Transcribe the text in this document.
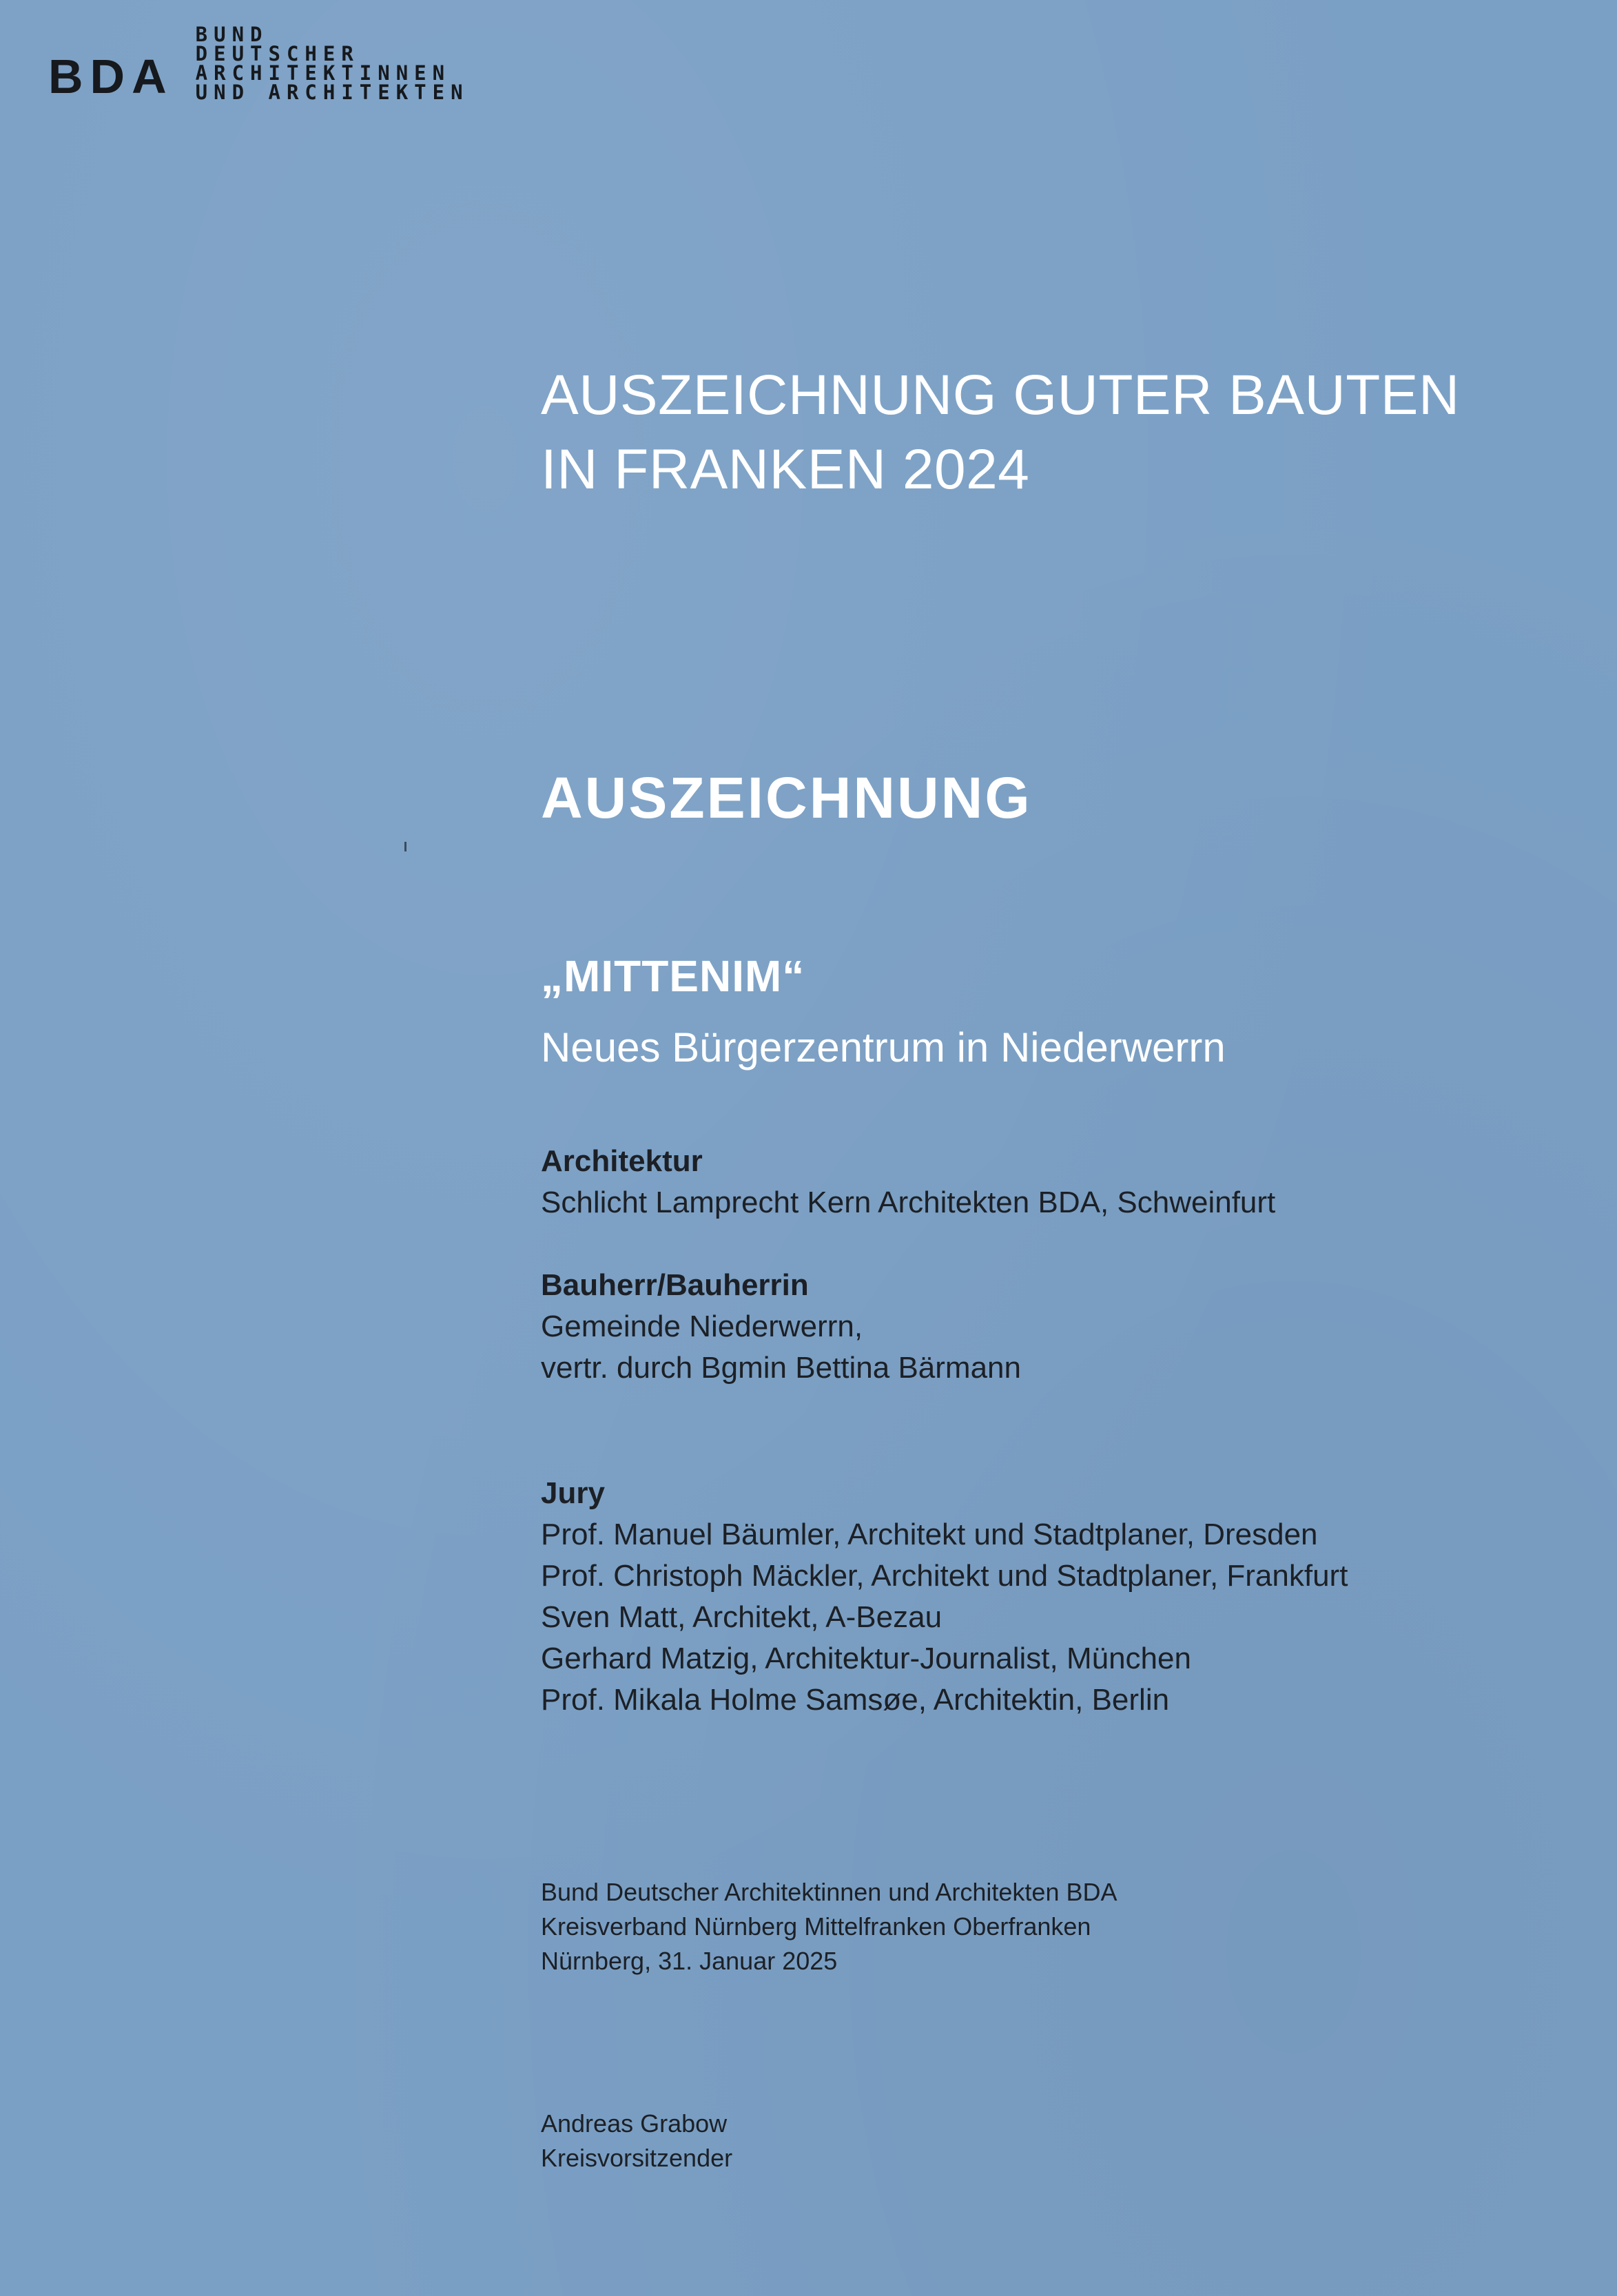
BDA
BUND
DEUTSCHER
ARCHITEKTINNEN
UND ARCHITEKTEN
AUSZEICHNUNG GUTER BAUTEN
IN FRANKEN 2024
AUSZEICHNUNG
„MITTENIM“
Neues Bürgerzentrum in Niederwerrn
Architektur
Schlicht Lamprecht Kern Architekten BDA, Schweinfurt
Bauherr/Bauherrin
Gemeinde Niederwerrn,
vertr. durch Bgmin Bettina Bärmann
Jury
Prof. Manuel Bäumler, Architekt und Stadtplaner, Dresden
Prof. Christoph Mäckler, Architekt und Stadtplaner, Frankfurt
Sven Matt, Architekt, A-Bezau
Gerhard Matzig, Architektur-Journalist, München
Prof. Mikala Holme Samsøe, Architektin, Berlin
Bund Deutscher Architektinnen und Architekten BDA
Kreisverband Nürnberg Mittelfranken Oberfranken
Nürnberg, 31. Januar 2025
Andreas Grabow
Kreisvorsitzender
